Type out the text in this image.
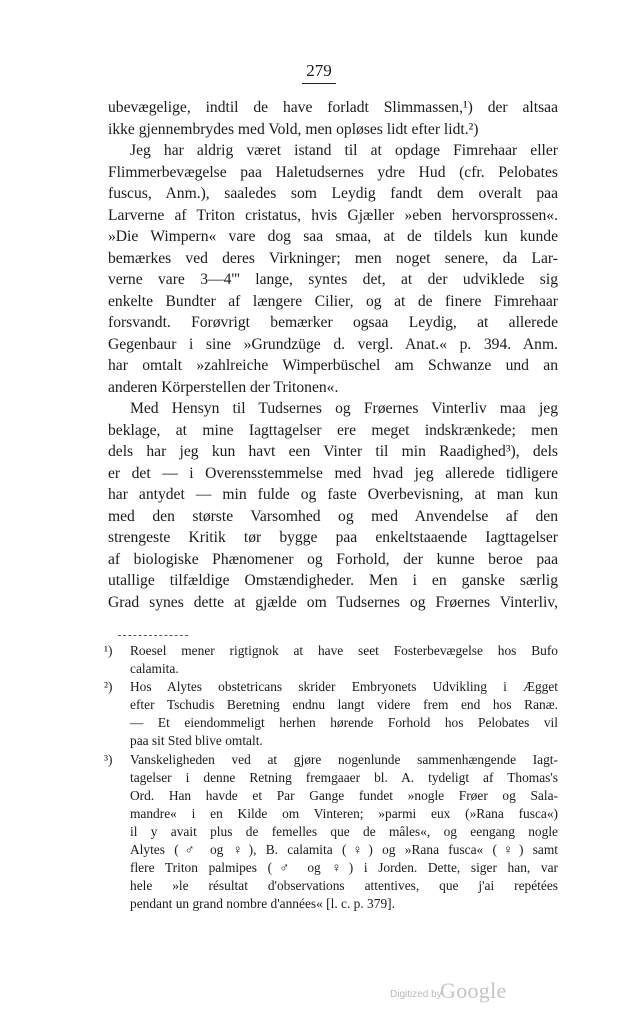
279
ubevægelige, indtil de have forladt Slimmassen,¹) der altsaa
ikke gjennembrydes med Vold, men opløses lidt efter lidt.²)
Jeg har aldrig været istand til at opdage Fimrehaar eller
Flimmerbevægelse paa Haletudsernes ydre Hud (cfr. Pelobates
fuscus, Anm.), saaledes som Leydig fandt dem overalt paa
Larverne af Triton cristatus, hvis Gjæller »eben hervorsprossen«.
»Die Wimpern« vare dog saa smaa, at de tildels kun kunde
bemærkes ved deres Virkninger; men noget senere, da Lar-
verne vare 3—4''' lange, syntes det, at der udviklede sig
enkelte Bundter af længere Cilier, og at de finere Fimrehaar
forsvandt. Forøvrigt bemærker ogsaa Leydig, at allerede
Gegenbaur i sine »Grundzüge d. vergl. Anat.« p. 394. Anm.
har omtalt »zahlreiche Wimperbüschel am Schwanze und an
anderen Körperstellen der Tritonen«.
Med Hensyn til Tudsernes og Frøernes Vinterliv maa jeg
beklage, at mine Iagttagelser ere meget indskrænkede; men
dels har jeg kun havt een Vinter til min Raadighed³), dels
er det — i Overensstemmelse med hvad jeg allerede tidligere
har antydet — min fulde og faste Overbevisning, at man kun
med den største Varsomhed og med Anvendelse af den
strengeste Kritik tør bygge paa enkeltstaaende Iagttagelser
af biologiske Phænomener og Forhold, der kunne beroe paa
utallige tilfældige Omstændigheder. Men i en ganske særlig
Grad synes dette at gjælde om Tudsernes og Frøernes Vinterliv,
¹) Roesel mener rigtignok at have seet Fosterbevægelse hos Bufo
calamita.
²) Hos Alytes obstetricans skrider Embryonets Udvikling i Ægget
efter Tschudis Beretning endnu langt videre frem end hos Ranæ.
— Et eiendommeligt herhen hørende Forhold hos Pelobates vil
paa sit Sted blive omtalt.
³) Vanskeligheden ved at gjøre nogenlunde sammenhængende Iagt-
tagelser i denne Retning fremgaaer bl. A. tydeligt af Thomas's
Ord. Han havde et Par Gange fundet »nogle Frøer og Sala-
mandre« i en Kilde om Vinteren; »parmi eux (»Rana fusca«)
il y avait plus de femelles que de mâles«, og eengang nogle
Alytes (♂ og ♀), B. calamita (♀) og »Rana fusca« (♀) samt
flere Triton palmipes (♂ og ♀) i Jorden. Dette, siger han, var
hele »le résultat d'observations attentives, que j'ai repétées
pendant un grand nombre d'années« [l. c. p. 379].
Digitized by
Google
